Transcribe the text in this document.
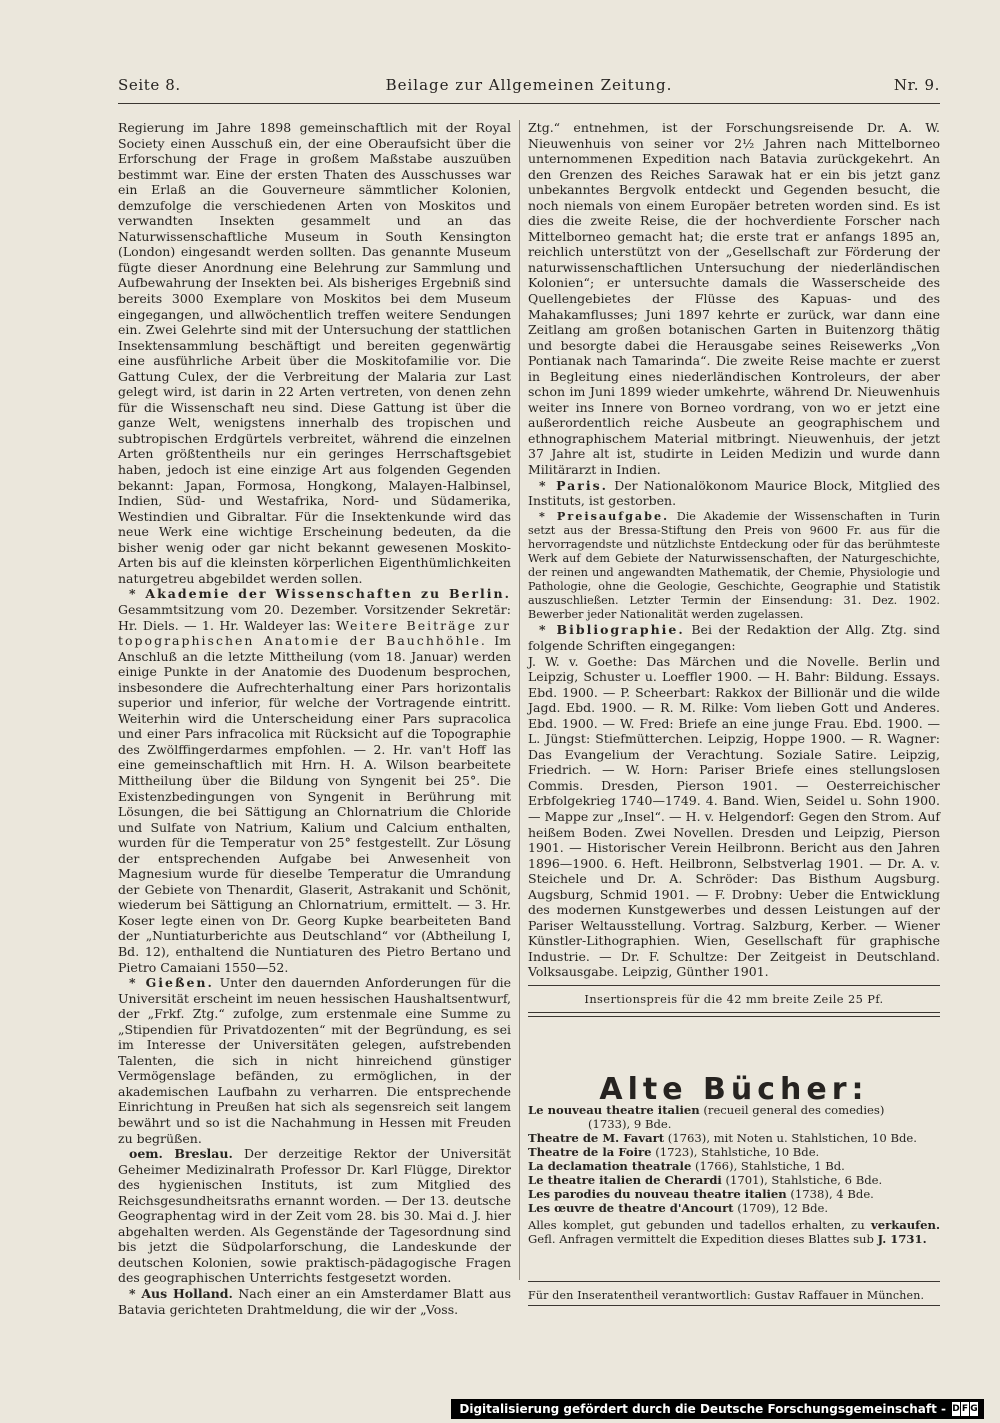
Seite 8.	Beilage zur Allgemeinen Zeitung.	Nr. 9.

Regierung im Jahre 1898 gemeinschaftlich mit der Royal Society einen Ausschuß ein, der eine Oberaufsicht über die Erforschung der Frage in großem Maßstabe auszuüben bestimmt war. Eine der ersten Thaten des Ausschusses war ein Erlaß an die Gouverneure sämmtlicher Kolonien, demzufolge die verschiedenen Arten von Moskitos und verwandten Insekten gesammelt und an das Naturwissenschaftliche Museum in South Kensington (London) eingesandt werden sollten. Das genannte Museum fügte dieser Anordnung eine Belehrung zur Sammlung und Aufbewahrung der Insekten bei. Als bisheriges Ergebniß sind bereits 3000 Exemplare von Moskitos bei dem Museum eingegangen, und allwöchentlich treffen weitere Sendungen ein. Zwei Gelehrte sind mit der Untersuchung der stattlichen Insektensammlung beschäftigt und bereiten gegenwärtig eine ausführliche Arbeit über die Moskitofamilie vor. Die Gattung Culex, der die Verbreitung der Malaria zur Last gelegt wird, ist darin in 22 Arten vertreten, von denen zehn für die Wissenschaft neu sind. Diese Gattung ist über die ganze Welt, wenigstens innerhalb des tropischen und subtropischen Erdgürtels verbreitet, während die einzelnen Arten größtentheils nur ein geringes Herrschaftsgebiet haben, jedoch ist eine einzige Art aus folgenden Gegenden bekannt: Japan, Formosa, Hongkong, Malayen-Halbinsel, Indien, Süd- und Westafrika, Nord- und Südamerika, Westindien und Gibraltar. Für die Insektenkunde wird das neue Werk eine wichtige Erscheinung bedeuten, da die bisher wenig oder gar nicht bekannt gewesenen Moskito-Arten bis auf die kleinsten körperlichen Eigenthümlichkeiten naturgetreu abgebildet werden sollen.

* Akademie der Wissenschaften zu Berlin. Gesammtsitzung vom 20. Dezember. Vorsitzender Sekretär: Hr. Diels. — 1. Hr. Waldeyer las: Weitere Beiträge zur topographischen Anatomie der Bauchhöhle. Im Anschluß an die letzte Mittheilung (vom 18. Januar) werden einige Punkte in der Anatomie des Duodenum besprochen, insbesondere die Aufrechterhaltung einer Pars horizontalis superior und inferior, für welche der Vortragende eintritt. Weiterhin wird die Unterscheidung einer Pars supracolica und einer Pars infracolica mit Rücksicht auf die Topographie des Zwölffingerdarmes empfohlen. — 2. Hr. van't Hoff las eine gemeinschaftlich mit Hrn. H. A. Wilson bearbeitete Mittheilung über die Bildung von Syngenit bei 25°. Die Existenzbedingungen von Syngenit in Berührung mit Lösungen, die bei Sättigung an Chlornatrium die Chloride und Sulfate von Natrium, Kalium und Calcium enthalten, wurden für die Temperatur von 25° festgestellt. Zur Lösung der entsprechenden Aufgabe bei Anwesenheit von Magnesium wurde für dieselbe Temperatur die Umrandung der Gebiete von Thenardit, Glaserit, Astrakanit und Schönit, wiederum bei Sättigung an Chlornatrium, ermittelt. — 3. Hr. Koser legte einen von Dr. Georg Kupke bearbeiteten Band der „Nuntiaturberichte aus Deutschland“ vor (Abtheilung I, Bd. 12), enthaltend die Nuntiaturen des Pietro Bertano und Pietro Camaiani 1550—52.

* Gießen. Unter den dauernden Anforderungen für die Universität erscheint im neuen hessischen Haushaltsentwurf, der „Frkf. Ztg.“ zufolge, zum erstenmale eine Summe zu „Stipendien für Privatdozenten“ mit der Begründung, es sei im Interesse der Universitäten gelegen, aufstrebenden Talenten, die sich in nicht hinreichend günstiger Vermögenslage befänden, zu ermöglichen, in der akademischen Laufbahn zu verharren. Die entsprechende Einrichtung in Preußen hat sich als segensreich seit langem bewährt und so ist die Nachahmung in Hessen mit Freuden zu begrüßen.

oem. Breslau. Der derzeitige Rektor der Universität Geheimer Medizinalrath Professor Dr. Karl Flügge, Direktor des hygienischen Instituts, ist zum Mitglied des Reichsgesundheitsraths ernannt worden. — Der 13. deutsche Geographentag wird in der Zeit vom 28. bis 30. Mai d. J. hier abgehalten werden. Als Gegenstände der Tagesordnung sind bis jetzt die Südpolarforschung, die Landeskunde der deutschen Kolonien, sowie praktisch-pädagogische Fragen des geographischen Unterrichts festgesetzt worden.

* Aus Holland. Nach einer an ein Amsterdamer Blatt aus Batavia gerichteten Drahtmeldung, die wir der „Voss.

Ztg.“ entnehmen, ist der Forschungsreisende Dr. A. W. Nieuwenhuis von seiner vor 2½ Jahren nach Mittelborneo unternommenen Expedition nach Batavia zurückgekehrt. An den Grenzen des Reiches Sarawak hat er ein bis jetzt ganz unbekanntes Bergvolk entdeckt und Gegenden besucht, die noch niemals von einem Europäer betreten worden sind. Es ist dies die zweite Reise, die der hochverdiente Forscher nach Mittelborneo gemacht hat; die erste trat er anfangs 1895 an, reichlich unterstützt von der „Gesellschaft zur Förderung der naturwissenschaftlichen Untersuchung der niederländischen Kolonien“; er untersuchte damals die Wasserscheide des Quellengebietes der Flüsse des Kapuas- und des Mahakamflusses; Juni 1897 kehrte er zurück, war dann eine Zeitlang am großen botanischen Garten in Buitenzorg thätig und besorgte dabei die Herausgabe seines Reisewerks „Von Pontianak nach Tamarinda“. Die zweite Reise machte er zuerst in Begleitung eines niederländischen Kontroleurs, der aber schon im Juni 1899 wieder umkehrte, während Dr. Nieuwenhuis weiter ins Innere von Borneo vordrang, von wo er jetzt eine außerordentlich reiche Ausbeute an geographischem und ethnographischem Material mitbringt. Nieuwenhuis, der jetzt 37 Jahre alt ist, studirte in Leiden Medizin und wurde dann Militärarzt in Indien.

* Paris. Der Nationalökonom Maurice Block, Mitglied des Instituts, ist gestorben.

* Preisaufgabe. Die Akademie der Wissenschaften in Turin setzt aus der Bressa-Stiftung den Preis von 9600 Fr. aus für die hervorragendste und nützlichste Entdeckung oder für das berühmteste Werk auf dem Gebiete der Naturwissenschaften, der Naturgeschichte, der reinen und angewandten Mathematik, der Chemie, Physiologie und Pathologie, ohne die Geologie, Geschichte, Geographie und Statistik auszuschließen. Letzter Termin der Einsendung: 31. Dez. 1902. Bewerber jeder Nationalität werden zugelassen.

* Bibliographie. Bei der Redaktion der Allg. Ztg. sind folgende Schriften eingegangen:

J. W. v. Goethe: Das Märchen und die Novelle. Berlin und Leipzig, Schuster u. Loeffler 1900. — H. Bahr: Bildung. Essays. Ebd. 1900. — P. Scheerbart: Rakkox der Billionär und die wilde Jagd. Ebd. 1900. — R. M. Rilke: Vom lieben Gott und Anderes. Ebd. 1900. — W. Fred: Briefe an eine junge Frau. Ebd. 1900. — L. Jüngst: Stiefmütterchen. Leipzig, Hoppe 1900. — R. Wagner: Das Evangelium der Verachtung. Soziale Satire. Leipzig, Friedrich. — W. Horn: Pariser Briefe eines stellungslosen Commis. Dresden, Pierson 1901. — Oesterreichischer Erbfolgekrieg 1740—1749. 4. Band. Wien, Seidel u. Sohn 1900. — Mappe zur „Insel“. — H. v. Helgendorf: Gegen den Strom. Auf heißem Boden. Zwei Novellen. Dresden und Leipzig, Pierson 1901. — Historischer Verein Heilbronn. Bericht aus den Jahren 1896—1900. 6. Heft. Heilbronn, Selbstverlag 1901. — Dr. A. v. Steichele und Dr. A. Schröder: Das Bisthum Augsburg. Augsburg, Schmid 1901. — F. Drobny: Ueber die Entwicklung des modernen Kunstgewerbes und dessen Leistungen auf der Pariser Weltausstellung. Vortrag. Salzburg, Kerber. — Wiener Künstler-Lithographien. Wien, Gesellschaft für graphische Industrie. — Dr. F. Schultze: Der Zeitgeist in Deutschland. Volksausgabe. Leipzig, Günther 1901.

Insertionspreis für die 42 mm breite Zeile 25 Pf.
Alte Bücher:
Le nouveau theatre italien (recueil general des comedies)
(1733), 9 Bde.
Theatre de M. Favart (1763), mit Noten u. Stahlstichen, 10 Bde.
Theatre de la Foire (1723), Stahlstiche, 10 Bde.
La declamation theatrale (1766), Stahlstiche, 1 Bd.
Le theatre italien de Cherardi (1701), Stahlstiche, 6 Bde.
Les parodies du nouveau theatre italien (1738), 4 Bde.
Les œuvre de theatre d'Ancourt (1709), 12 Bde.
Alles komplet, gut gebunden und tadellos erhalten, zu verkaufen. Gefl. Anfragen vermittelt die Expedition dieses Blattes sub J. 1731.
Für den Inseratentheil verantwortlich: Gustav Raffauer in München.
Digitalisierung gefördert durch die Deutsche Forschungsgemeinschaft - D F G
